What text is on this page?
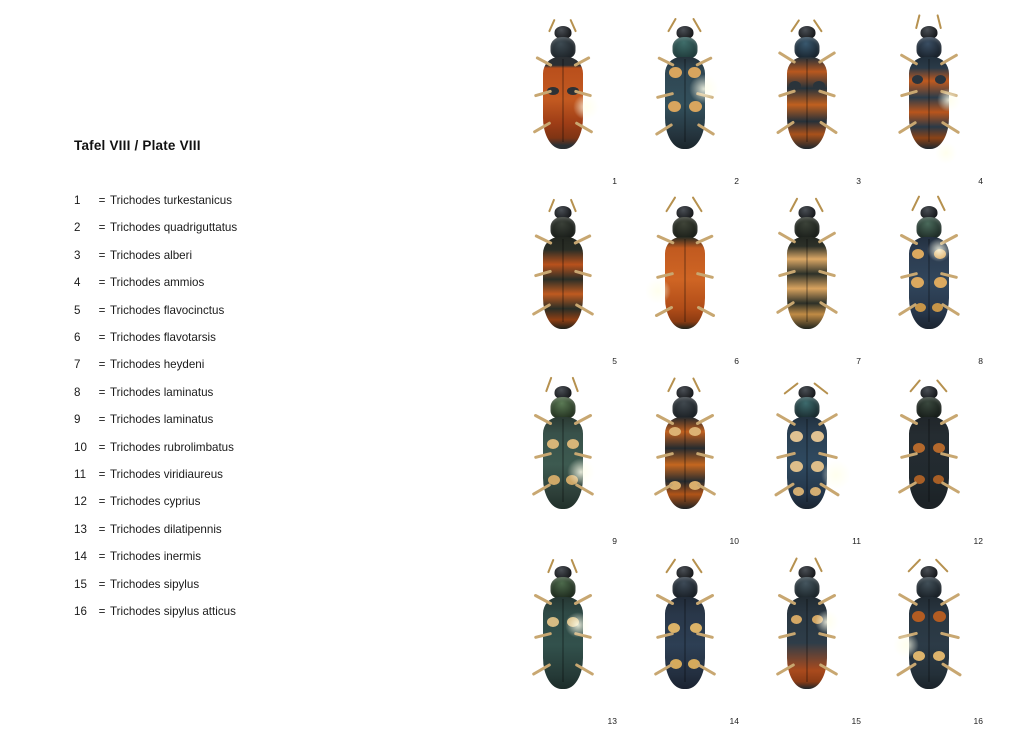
Tafel VIII / Plate VIII
1	= Trichodes turkestanicus
2	= Trichodes quadriguttatus
3	= Trichodes alberi
4	= Trichodes ammios
5	= Trichodes flavocinctus
6	= Trichodes flavotarsis
7	= Trichodes heydeni
8	= Trichodes laminatus
9	= Trichodes laminatus
10	= Trichodes rubrolimbatus
11	= Trichodes viridiaureus
12	= Trichodes cyprius
13	= Trichodes dilatipennis
14	= Trichodes inermis
15	= Trichodes sipylus
16	= Trichodes sipylus atticus
1	2	3	4
5	6	7	8
9	10	11	12
13	14	15	16
